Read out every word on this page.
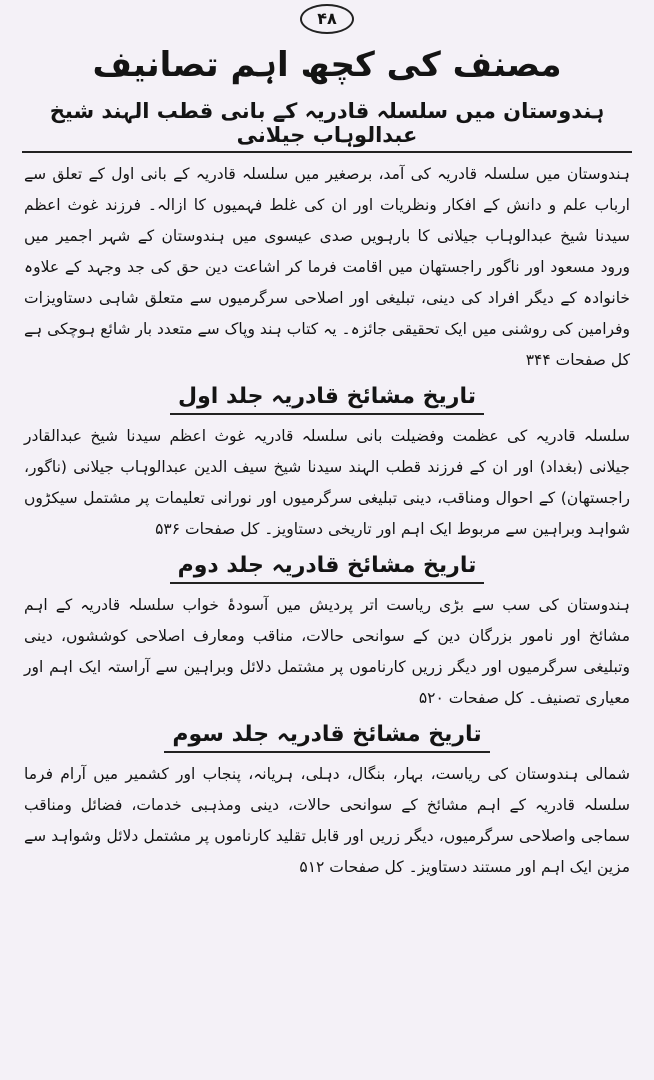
۴۸
مصنف کی کچھ اہم تصانیف
ہندوستان میں سلسلہ قادریہ کے بانی قطب الہند شیخ عبدالوہاب جیلانی

ہندوستان میں سلسلہ قادریہ کی آمد، برصغیر میں سلسلہ قادریہ کے بانی اول کے تعلق سے ارباب علم و دانش کے افکار ونظریات اور ان کی غلط فہمیوں کا ازالہ۔ فرزند غوث اعظم سیدنا شیخ عبدالوہاب جیلانی کا بارہویں صدی عیسوی میں ہندوستان کے شہر اجمیر میں ورود مسعود اور ناگور راجستھان میں اقامت فرما کر اشاعت دین حق کی جد وجہد کے علاوہ خانوادہ کے دیگر افراد کی دینی، تبلیغی اور اصلاحی سرگرمیوں سے متعلق شاہی دستاویزات وفرامین کی روشنی میں ایک تحقیقی جائزہ۔ یہ کتاب ہند وپاک سے متعدد بار شائع ہوچکی ہے کل صفحات ۳۴۴

تاریخ مشائخ قادریہ جلد اول

سلسلہ قادریہ کی عظمت وفضیلت بانی سلسلہ قادریہ غوث اعظم سیدنا شیخ عبدالقادر جیلانی (بغداد) اور ان کے فرزند قطب الہند سیدنا شیخ سیف الدین عبدالوہاب جیلانی (ناگور، راجستھان) کے احوال ومناقب، دینی تبلیغی سرگرمیوں اور نورانی تعلیمات پر مشتمل سیکڑوں شواہد وبراہین سے مربوط ایک اہم اور تاریخی دستاویز۔ کل صفحات ۵۳۶

تاریخ مشائخ قادریہ جلد دوم

ہندوستان کی سب سے بڑی ریاست اتر پردیش میں آسودۂ خواب سلسلہ قادریہ کے اہم مشائخ اور نامور بزرگان دین کے سوانحی حالات، مناقب ومعارف اصلاحی کوششوں، دینی وتبلیغی سرگرمیوں اور دیگر زریں کارناموں پر مشتمل دلائل وبراہین سے آراستہ ایک اہم اور معیاری تصنیف۔ کل صفحات ۵۲۰

تاریخ مشائخ قادریہ جلد سوم

شمالی ہندوستان کی ریاست، بہار، بنگال، دہلی، ہریانہ، پنجاب اور کشمیر میں آرام فرما سلسلہ قادریہ کے اہم مشائخ کے سوانحی حالات، دینی ومذہبی خدمات، فضائل ومناقب سماجی واصلاحی سرگرمیوں، دیگر زریں اور قابل تقلید کارناموں پر مشتمل دلائل وشواہد سے مزین ایک اہم اور مستند دستاویز۔ کل صفحات ۵۱۲
